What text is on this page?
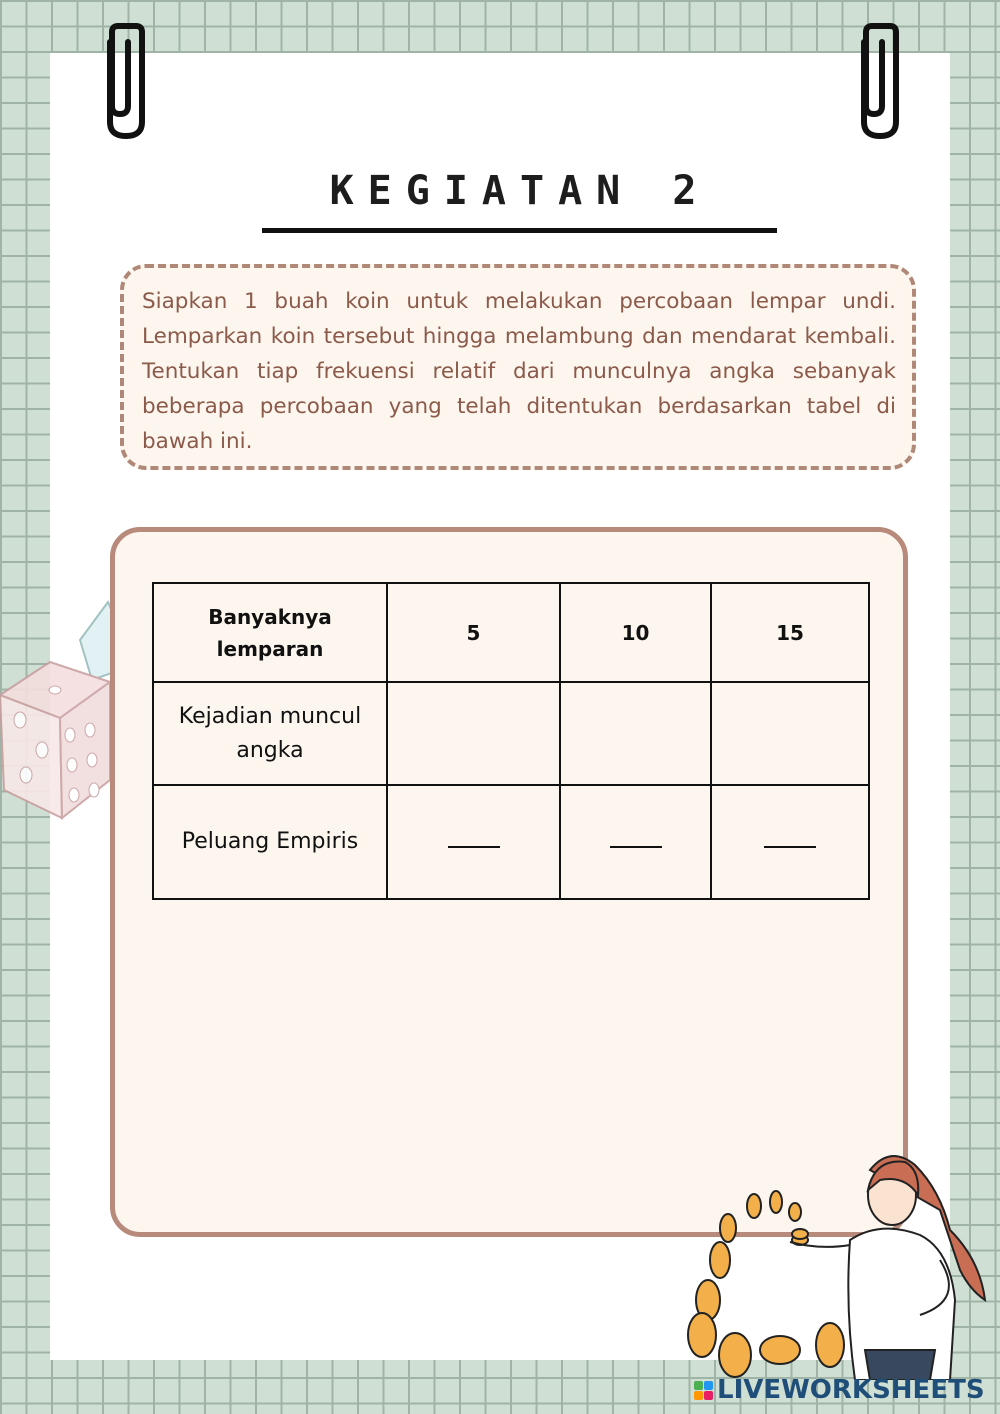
KEGIATAN 2

Siapkan 1 buah koin untuk melakukan percobaan lempar undi. Lemparkan koin tersebut hingga melambung dan mendarat kembali. Tentukan tiap frekuensi relatif dari munculnya angka sebanyak beberapa percobaan yang telah ditentukan berdasarkan tabel di bawah ini.

Banyaknya lemparan	5	10	15
Kejadian muncul angka			
Peluang Empiris			
LIVEWORKSHEETS
